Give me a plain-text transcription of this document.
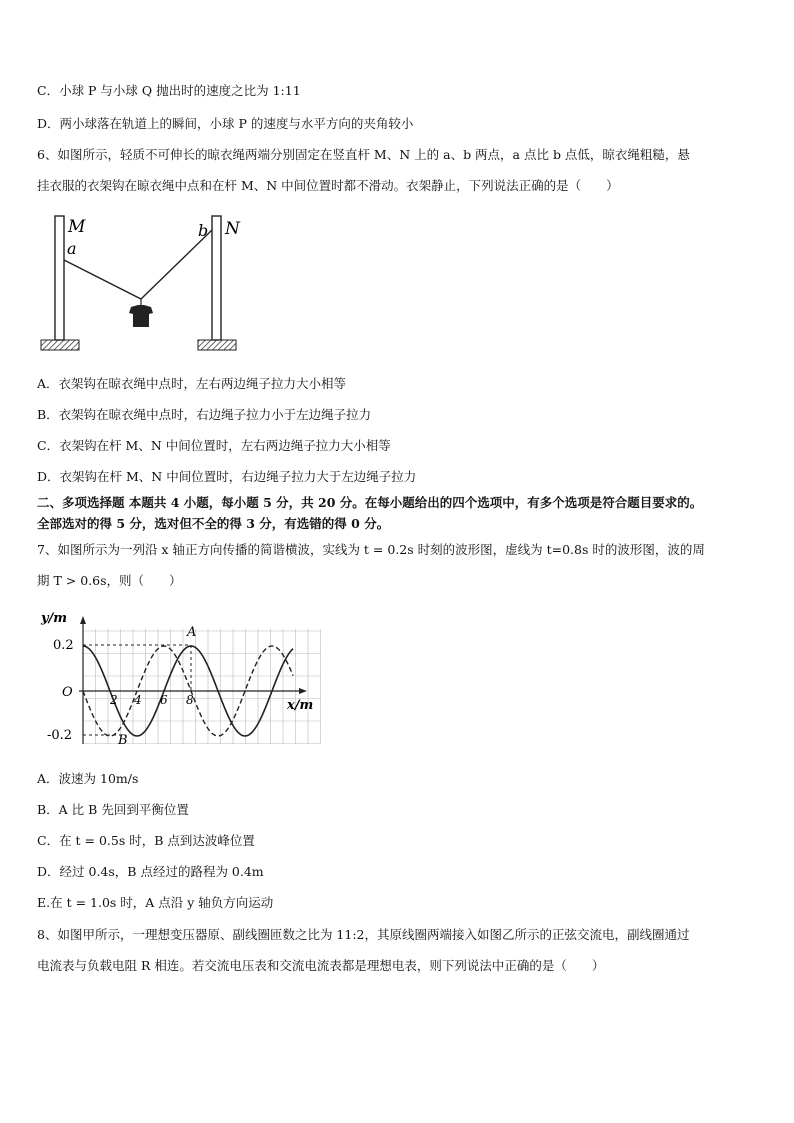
C．小球 P 与小球 Q 抛出时的速度之比为 1:11
D．两小球落在轨道上的瞬间，小球 P 的速度与水平方向的夹角较小
6、如图所示，轻质不可伸长的晾衣绳两端分别固定在竖直杆 M、N 上的 a、b 两点，a 点比 b 点低，晾衣绳粗糙，悬
挂衣服的衣架钩在晾衣绳中点和在杆 M、N 中间位置时都不滑动。衣架静止，下列说法正确的是（　　）
M
a
b N
A．衣架钩在晾衣绳中点时，左右两边绳子拉力大小相等
B．衣架钩在晾衣绳中点时，右边绳子拉力小于左边绳子拉力
C．衣架钩在杆 M、N 中间位置时，左右两边绳子拉力大小相等
D．衣架钩在杆 M、N 中间位置时，右边绳子拉力大于左边绳子拉力
二、多项选择题 本题共 4 小题，每小题 5 分，共 20 分。在每小题给出的四个选项中，有多个选项是符合题目要求的。
全部选对的得 5 分，选对但不全的得 3 分，有选错的得 0 分。
7、如图所示为一列沿 x 轴正方向传播的简谐横波，实线为 t = 0.2s 时刻的波形图，虚线为 t=0.8s 时的波形图，波的周
期 T > 0.6s，则（　　）
y/m
x/m
O
0.2
-0.2
2 4 6 8
A
B
A．波速为 10m/s
B．A 比 B 先回到平衡位置
C．在 t = 0.5s 时，B 点到达波峰位置
D．经过 0.4s，B 点经过的路程为 0.4m
E.在 t = 1.0s 时，A 点沿 y 轴负方向运动
8、如图甲所示，一理想变压器原、副线圈匝数之比为 11:2，其原线圈两端接入如图乙所示的正弦交流电，副线圈通过
电流表与负载电阻 R 相连。若交流电压表和交流电流表都是理想电表，则下列说法中正确的是（　　）
